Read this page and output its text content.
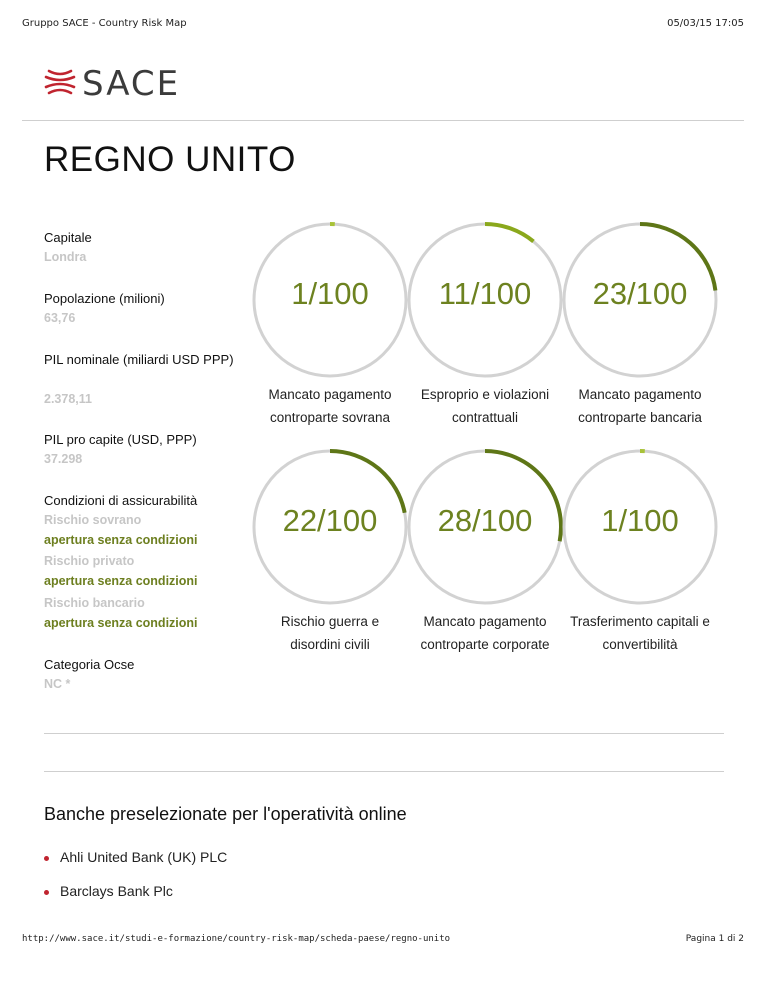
Gruppo SACE - Country Risk Map	05/03/15 17:05
SACE
REGNO UNITO
Capitale
Londra
Popolazione (milioni)
63,76
PIL nominale (miliardi USD PPP)
2.378,11
PIL pro capite (USD, PPP)
37.298
Condizioni di assicurabilità
Rischio sovrano
apertura senza condizioni
Rischio privato
apertura senza condizioni
Rischio bancario
apertura senza condizioni
Categoria Ocse
NC *
1/100
Mancato pagamento
controparte sovrana
11/100
Esproprio e violazioni
contrattuali
23/100
Mancato pagamento
controparte bancaria
22/100
Rischio guerra e
disordini civili
28/100
Mancato pagamento
controparte corporate
1/100
Trasferimento capitali e
convertibilità
Banche preselezionate per l'operatività online
Ahli United Bank (UK) PLC
Barclays Bank Plc
http://www.sace.it/studi-e-formazione/country-risk-map/scheda-paese/regno-unito	Pagina 1 di 2
